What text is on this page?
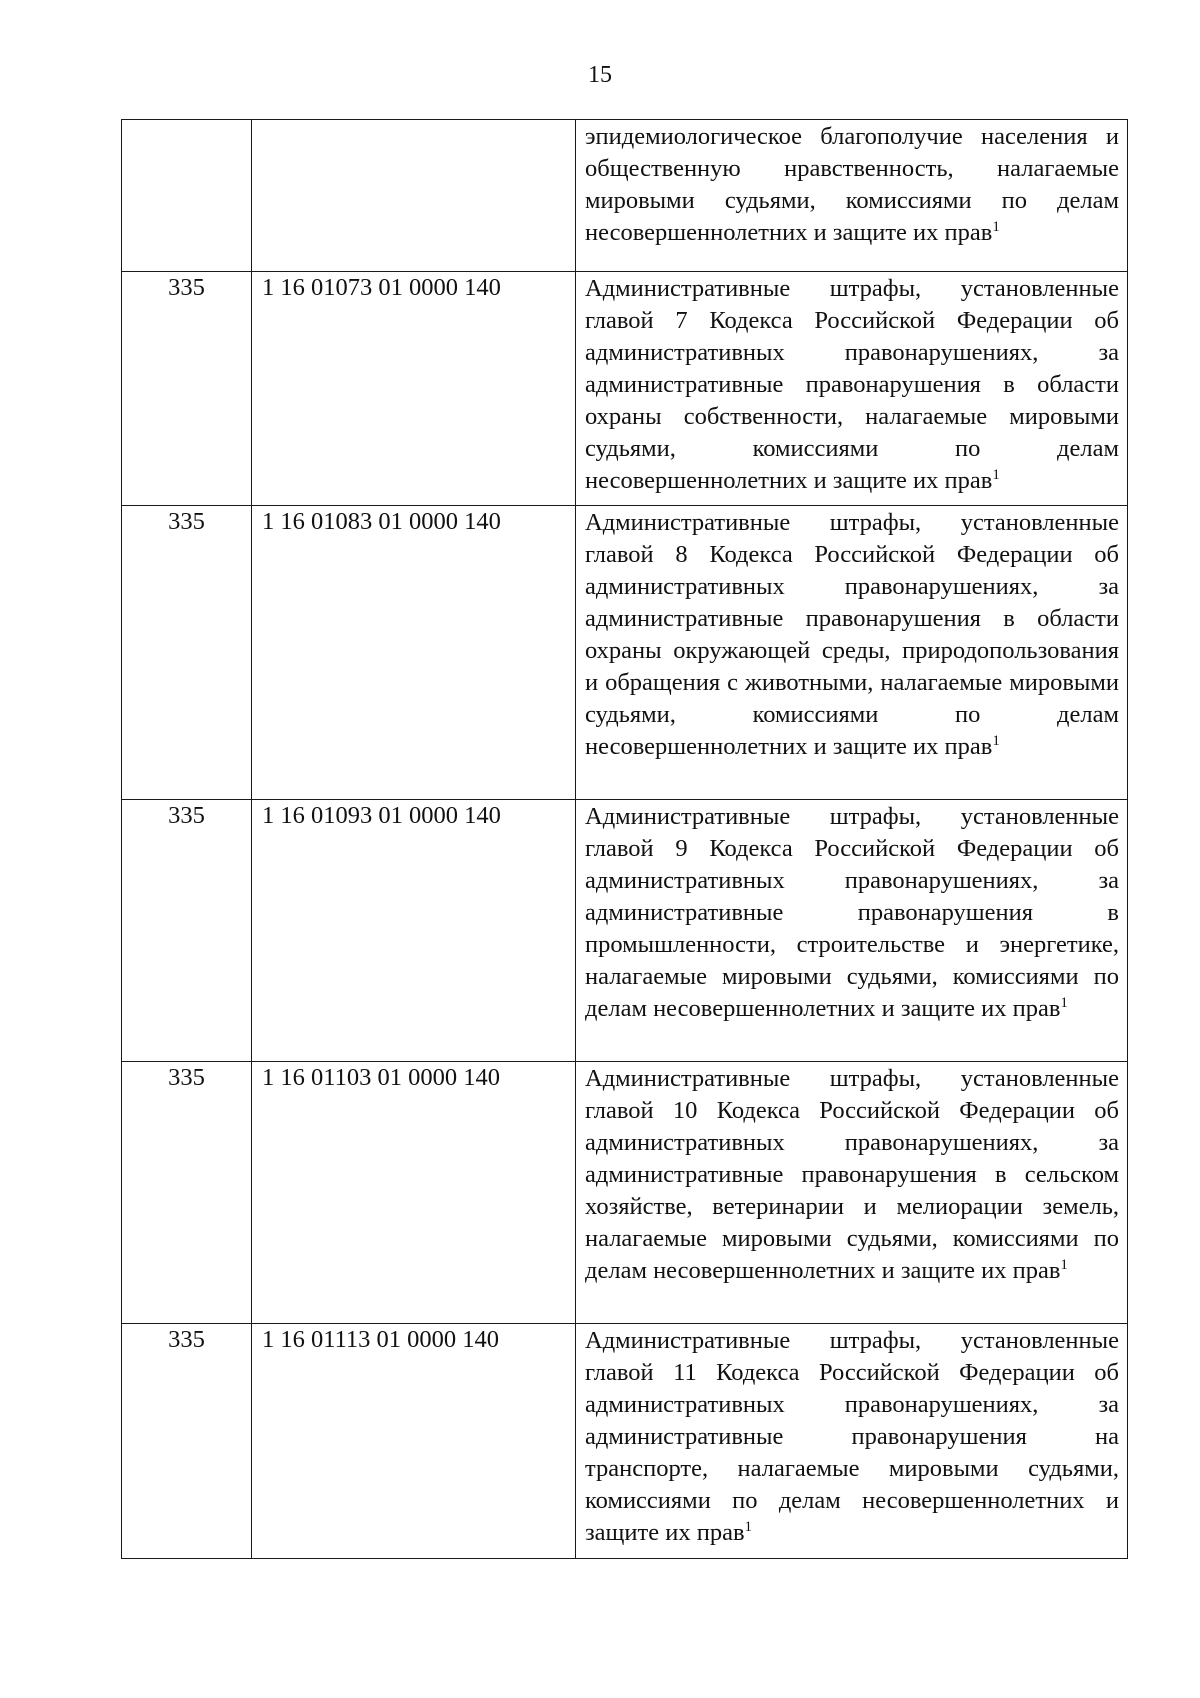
15
		эпидемиологическое благополучие населения и общественную нравственность, налагаемые мировыми судьями, комиссиями по делам несовершеннолетних и защите их прав$^1$
335	1 16 01073 01 0000 140	Административные штрафы, установленные главой 7 Кодекса Российской Федерации об административных правонарушениях, за административные правонарушения в области охраны собственности, налагаемые мировыми судьями, комиссиями по делам несовершеннолетних и защите их прав$^1$
335	1 16 01083 01 0000 140	Административные штрафы, установленные главой 8 Кодекса Российской Федерации об административных правонарушениях, за административные правонарушения в области охраны окружающей среды, природопользования и обращения с животными, налагаемые мировыми судьями, комиссиями по делам несовершеннолетних и защите их прав$^1$
335	1 16 01093 01 0000 140	Административные штрафы, установленные главой 9 Кодекса Российской Федерации об административных правонарушениях, за административные правонарушения в промышленности, строительстве и энергетике, налагаемые мировыми судьями, комиссиями по делам несовершеннолетних и защите их прав$^1$
335	1 16 01103 01 0000 140	Административные штрафы, установленные главой 10 Кодекса Российской Федерации об административных правонарушениях, за административные правонарушения в сельском хозяйстве, ветеринарии и мелиорации земель, налагаемые мировыми судьями, комиссиями по делам несовершеннолетних и защите их прав$^1$
335	1 16 01113 01 0000 140	Административные штрафы, установленные главой 11 Кодекса Российской Федерации об административных правонарушениях, за административные правонарушения на транспорте, налагаемые мировыми судьями, комиссиями по делам несовершеннолетних и защите их прав$^1$
